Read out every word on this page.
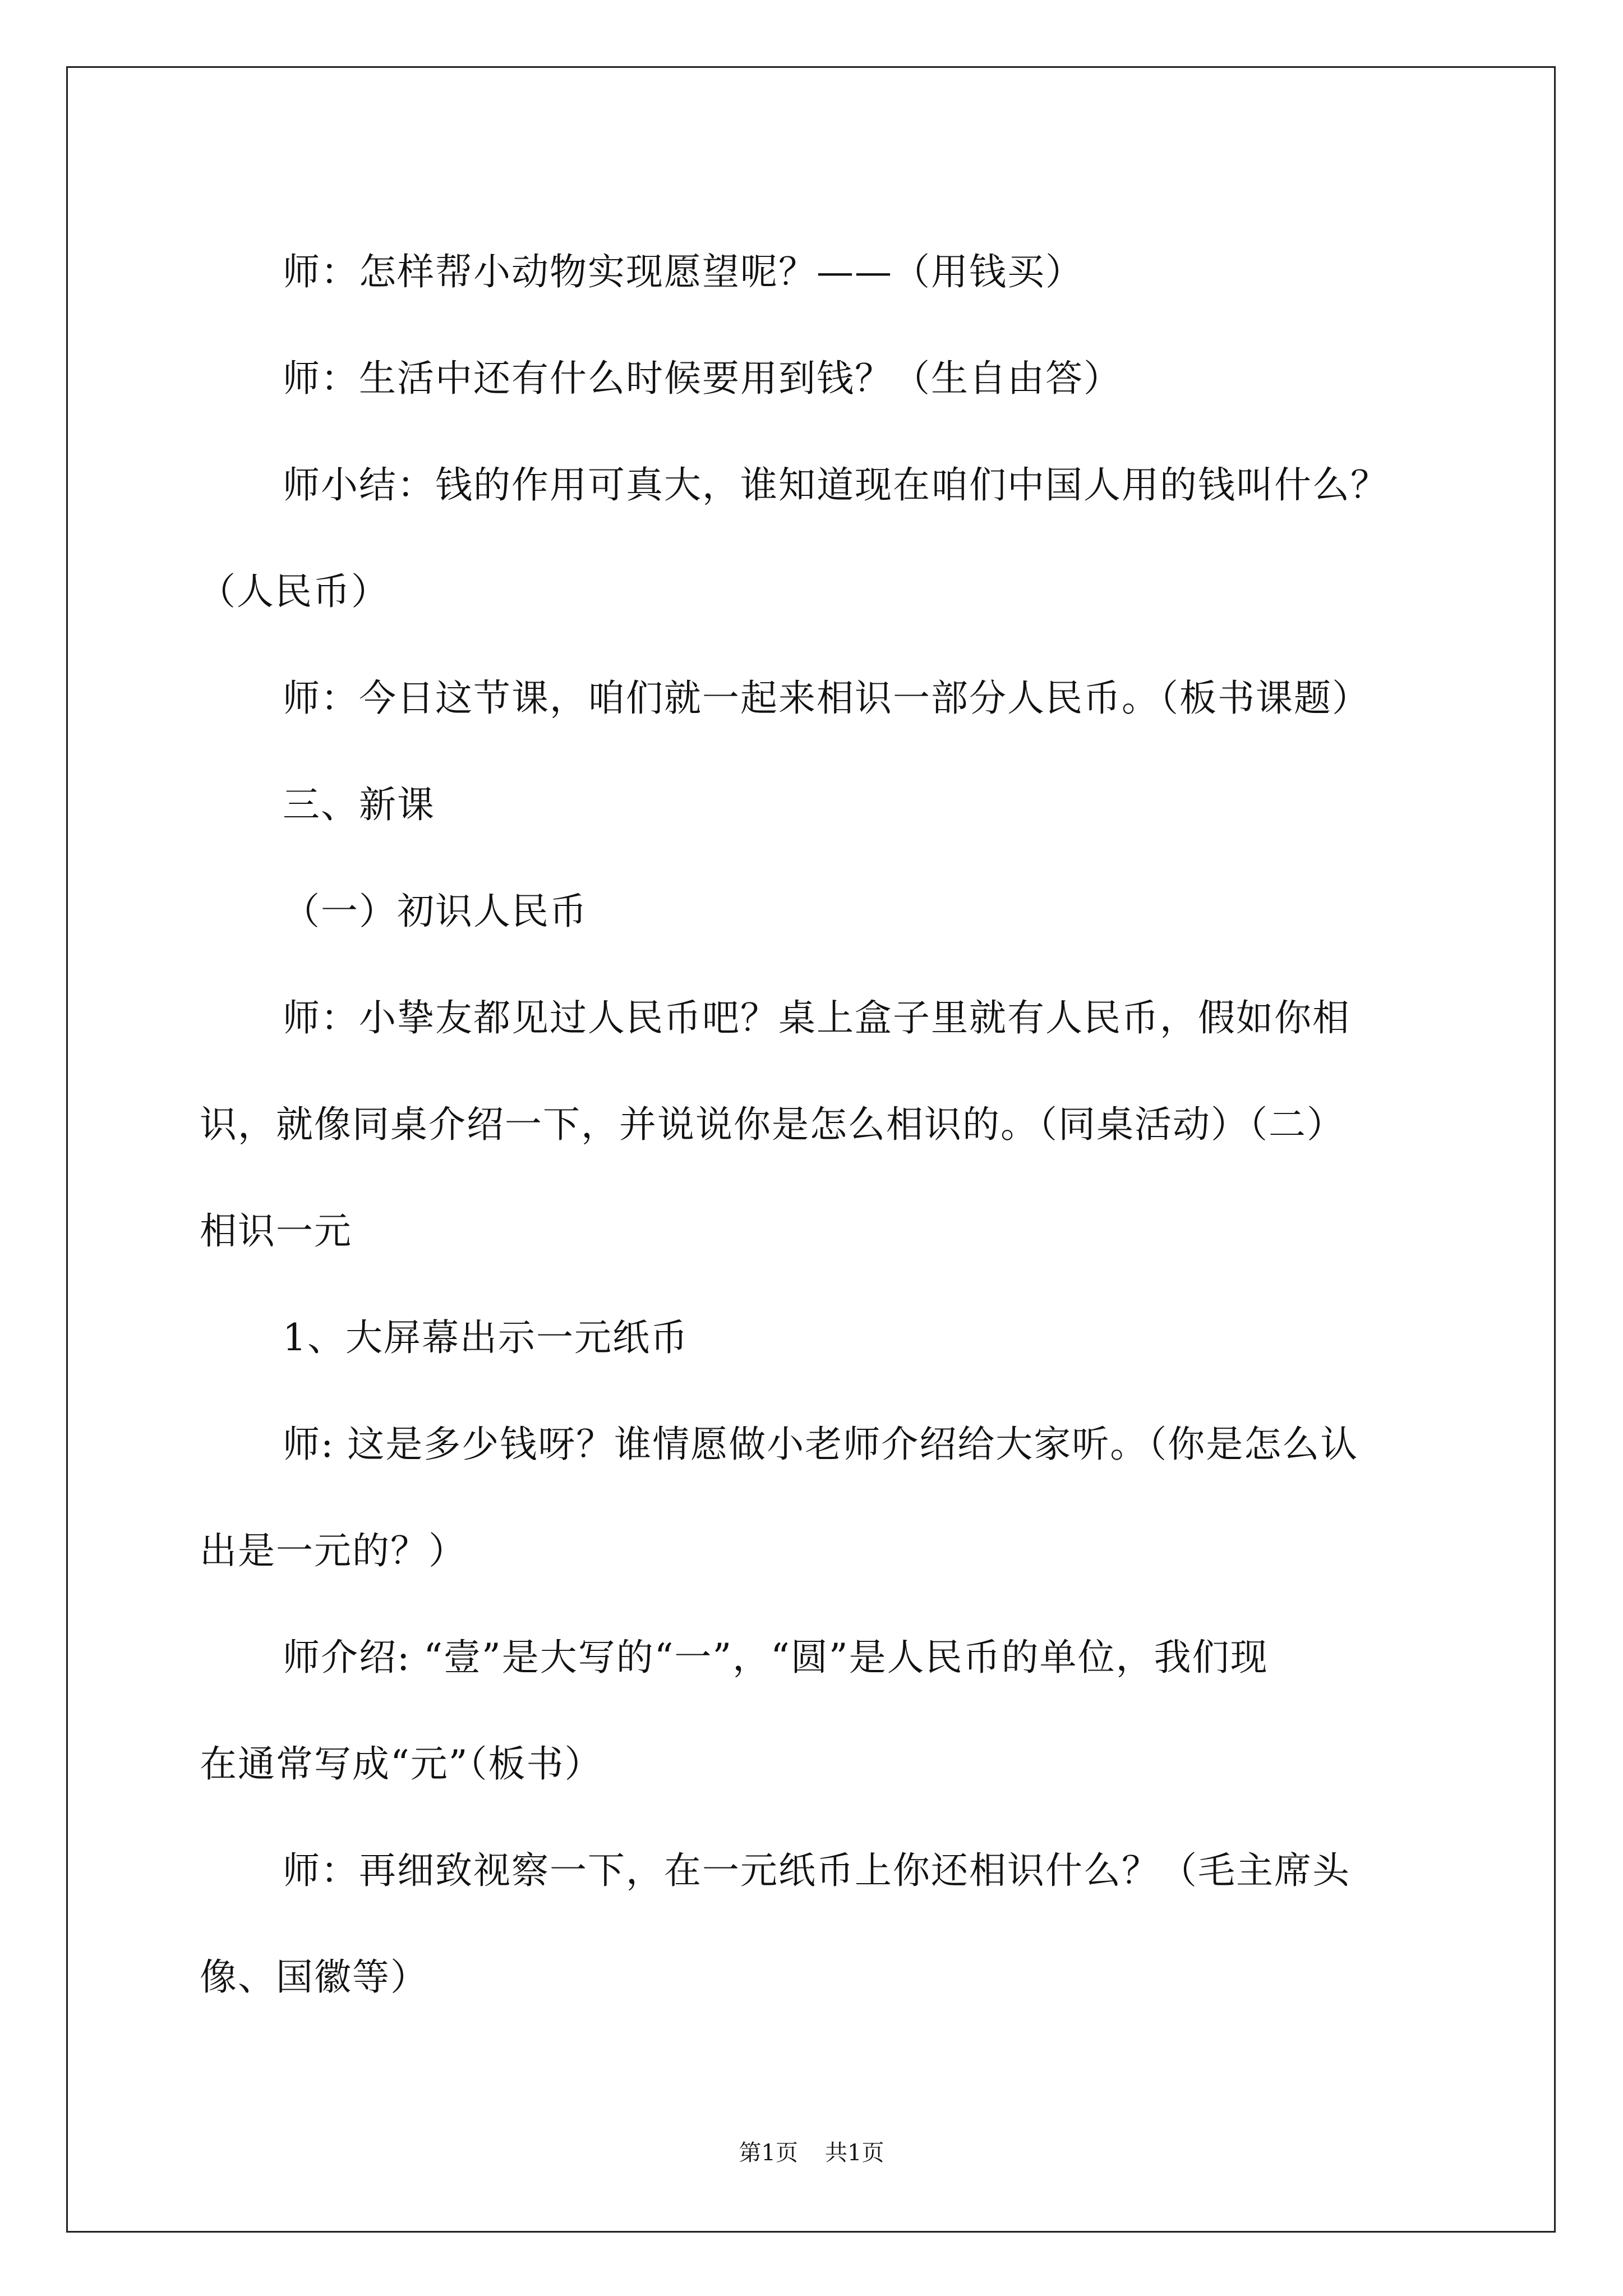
师：怎样帮小动物实现愿望呢？——（用钱买）
师：生活中还有什么时候要用到钱？（生自由答）
师小结：钱的作用可真大，谁知道现在咱们中国人用的钱叫什么？
（人民币）
师：今日这节课，咱们就一起来相识一部分人民币。（板书课题）
三、新课
（一）初识人民币
师：小挚友都见过人民币吧？桌上盒子里就有人民币，假如你相
识，就像同桌介绍一下，并说说你是怎么相识的。（同桌活动）（二）
相识一元
1、大屏幕出示一元纸币
师: 这是多少钱呀？谁情愿做小老师介绍给大家听。（你是怎么认
出是一元的？）
师介绍: “壹”是大写的“一”，“圆”是人民币的单位，我们现
在通常写成“元”（板书）
师：再细致视察一下，在一元纸币上你还相识什么？（毛主席头
像、国徽等）
第1页 共1页
